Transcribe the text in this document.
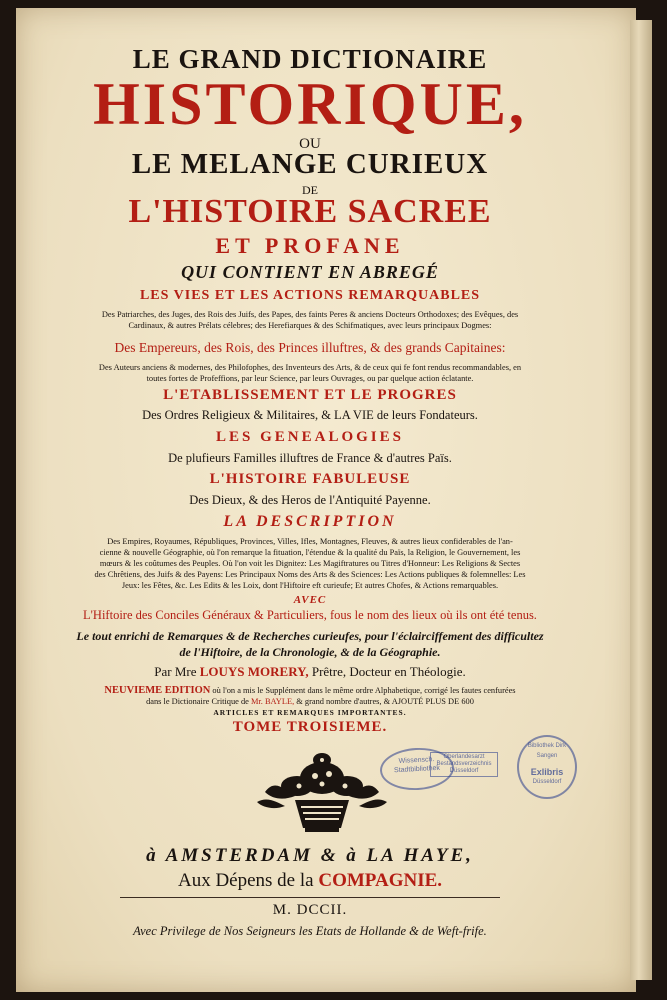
LE GRAND DICTIONAIRE
HISTORIQUE,
OU
LE MELANGE CURIEUX
DE
L'HISTOIRE SACREE
ET PROFANE
QUI CONTIENT EN ABREGÉ
LES VIES ET LES ACTIONS REMARQUABLES
Des Patriarches, des Juges, des Rois des Juifs, des Papes, des faints Peres & anciens Docteurs Orthodoxes; des Evêques, des
Cardinaux, & autres Prélats célebres; des Herefiarques & des Schifmatiques, avec leurs principaux Dogmes:
Des Empereurs, des Rois, des Princes illuftres, & des grands Capitaines:
Des Auteurs anciens & modernes, des Philofophes, des Inventeurs des Arts, & de ceux qui fe font rendus recommandables, en
toutes fortes de Profeffions, par leur Science, par leurs Ouvrages, ou par quelque action éclatante.
L'ETABLISSEMENT ET LE PROGRES
Des Ordres Religieux & Militaires, & LA VIE de leurs Fondateurs.
LES GENEALOGIES
De plufieurs Familles illuftres de France & d'autres Païs.
L'HISTOIRE FABULEUSE
Des Dieux, & des Heros de l'Antiquité Payenne.
LA DESCRIPTION
Des Empires, Royaumes, Républiques, Provinces, Villes, Ifles, Montagnes, Fleuves, & autres lieux confiderables de l'an-
cienne & nouvelle Géographie, où l'on remarque la fituation, l'étendue & la qualité du Païs, la Religion, le Gouvernement, les
mœurs & les coûtumes des Peuples. Où l'on voit les Dignitez: Les Magiftratures ou Titres d'Honneur: Les Religions & Sectes
des Chrêtiens, des Juifs & des Payens: Les Principaux Noms des Arts & des Sciences: Les Actions publiques & folemnelles: Les
Jeux: les Fêtes, &c. Les Edits & les Loix, dont l'Hiftoire eft curieufe; Et autres Chofes, & Actions remarquables.
AVEC
L'Hiftoire des Conciles Généraux & Particuliers, fous le nom des lieux où ils ont été tenus.
Le tout enrichi de Remarques & de Recherches curieufes, pour l'éclairciffement des difficultez
de l'Hiftoire, de la Chronologie, & de la Géographie.
Par Mre LOUYS MORERY, Prêtre, Docteur en Théologie.
NEUVIEME EDITION où l'on a mis le Supplément dans le même ordre Alphabetique, corrigé les fautes cenfurées
dans le Dictionaire Critique de Mr. BAYLE, & grand nombre d'autres, & AJOUTÉ PLUS DE 600
ARTICLES ET REMARQUES IMPORTANTES.
TOME TROISIEME.
Wissensch.
Stadtbibliothek
Oberlandesarzt
Bestandsverzeichnis
Düsseldorf
Bibliothek Dirk Sangen
Exlibris
Düsseldorf
à AMSTERDAM & à LA HAYE,
Aux Dépens de la COMPAGNIE.
M. DCCII.
Avec Privilege de Nos Seigneurs les Etats de Hollande & de Weft-frife.
